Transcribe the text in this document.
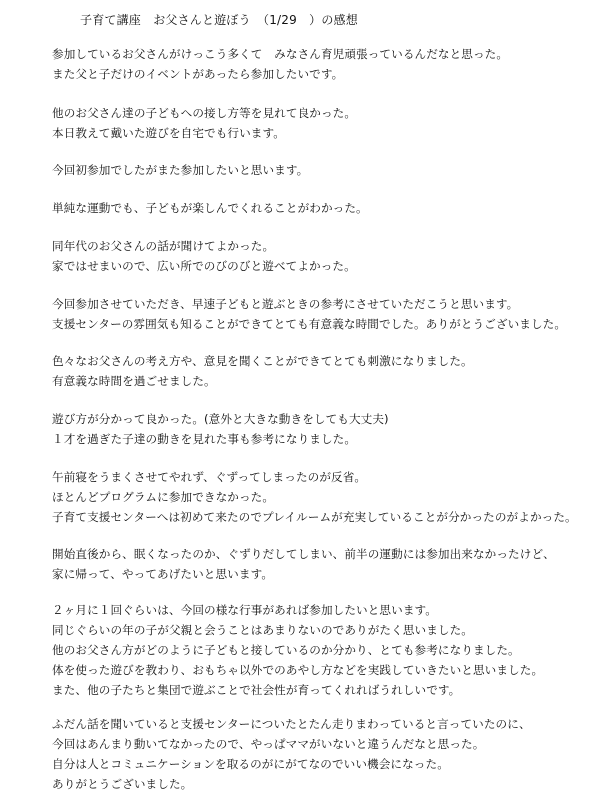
子育て講座　お父さんと遊ぼう　（1/29　）の感想
参加しているお父さんがけっこう多くて　みなさん育児頑張っているんだなと思った。
また父と子だけのイベントがあったら参加したいです。
他のお父さん達の子どもへの接し方等を見れて良かった。
本日教えて戴いた遊びを自宅でも行います。
今回初参加でしたがまた参加したいと思います。
単純な運動でも、子どもが楽しんでくれることがわかった。
同年代のお父さんの話が聞けてよかった。
家ではせまいので、広い所でのびのびと遊べてよかった。
今回参加させていただき、早速子どもと遊ぶときの参考にさせていただこうと思います。
支援センターの雰囲気も知ることができてとても有意義な時間でした。ありがとうございました。
色々なお父さんの考え方や、意見を聞くことができてとても刺激になりました。
有意義な時間を過ごせました。
遊び方が分かって良かった。(意外と大きな動きをしても大丈夫)
１才を過ぎた子達の動きを見れた事も参考になりました。
午前寝をうまくさせてやれず、ぐずってしまったのが反省。
ほとんどプログラムに参加できなかった。
子育て支援センターへは初めて来たのでプレイルームが充実していることが分かったのがよかった。
開始直後から、眠くなったのか、ぐずりだしてしまい、前半の運動には参加出来なかったけど、
家に帰って、やってあげたいと思います。
２ヶ月に１回ぐらいは、今回の様な行事があれば参加したいと思います。
同じぐらいの年の子が父親と会うことはあまりないのでありがたく思いました。
他のお父さん方がどのように子どもと接しているのか分かり、とても参考になりました。
体を使った遊びを教わり、おもちゃ以外でのあやし方などを実践していきたいと思いました。
また、他の子たちと集団で遊ぶことで社会性が育ってくれればうれしいです。
ふだん話を聞いていると支援センターについたとたん走りまわっていると言っていたのに、
今回はあんまり動いてなかったので、やっぱママがいないと違うんだなと思った。
自分は人とコミュニケーションを取るのがにがてなのでいい機会になった。
ありがとうございました。
